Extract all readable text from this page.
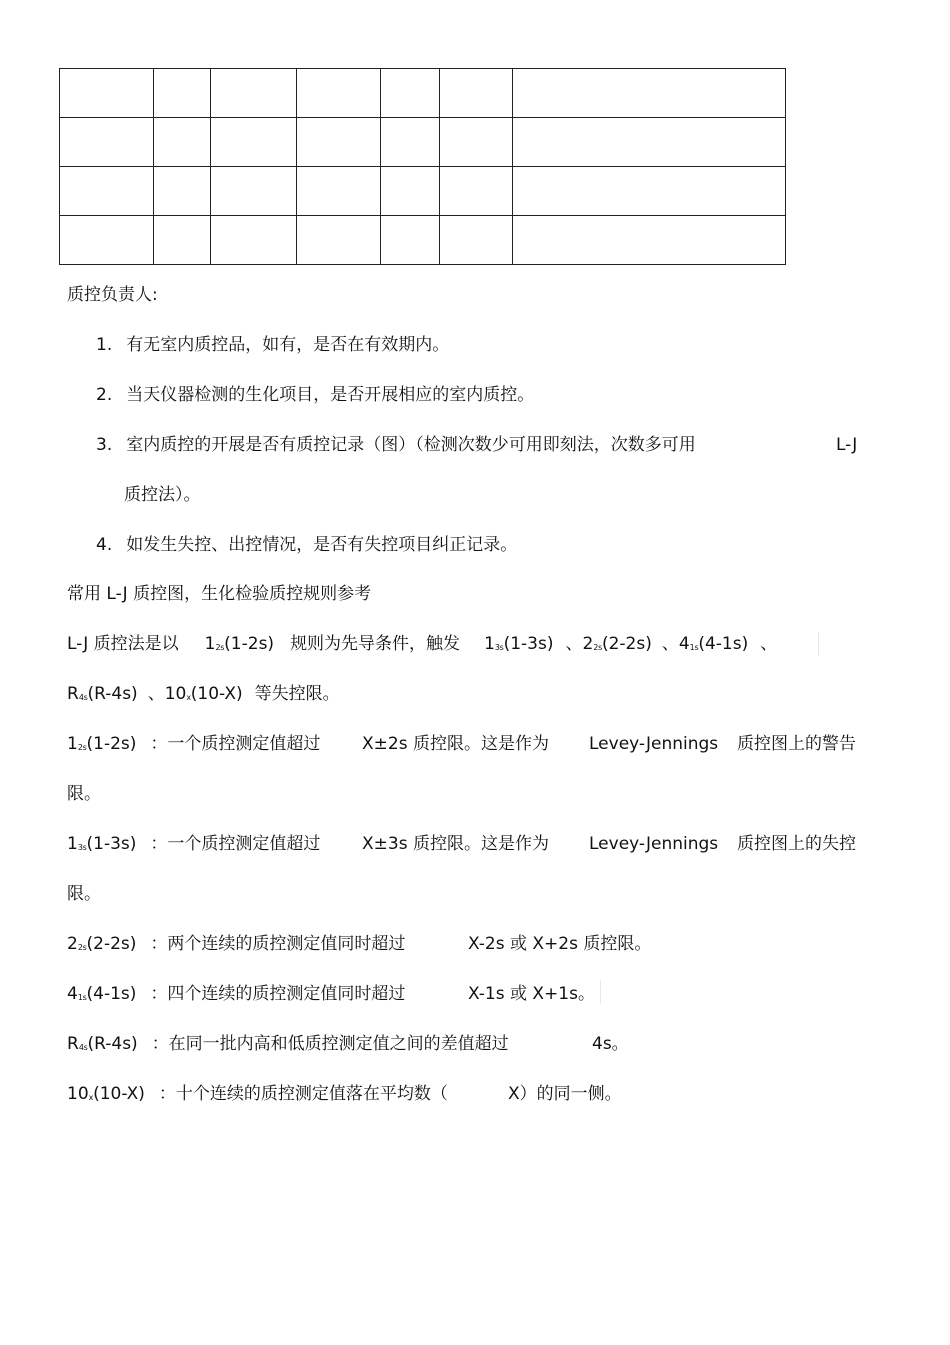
质控负责人:
1. 有无室内质控品，如有，是否在有效期内。
2. 当天仪器检测的生化项目，是否开展相应的室内质控。
3. 室内质控的开展是否有质控记录（图）（检测次数少可用即刻法，次数多可用	L-J
质控法）。
4. 如发生失控、出控情况，是否有失控项目纠正记录。
常用 L-J 质控图，生化检验质控规则参考
L-J 质控法是以 12s(1-2s) 规则为先导条件，触发 13s(1-3s) 、22s(2-2s) 、41s(4-1s) 、
R4s(R-4s) 、10x(10-X) 等失控限。
12s(1-2s) ：一个质控测定值超过 X±2s 质控限。这是作为 Levey-Jennings 质控图上的警告
限。
13s(1-3s) ：一个质控测定值超过 X±3s 质控限。这是作为 Levey-Jennings 质控图上的失控
限。
22s(2-2s) ：两个连续的质控测定值同时超过	X-2s 或 X+2s 质控限。
41s(4-1s) ：四个连续的质控测定值同时超过	X-1s 或 X+1s。
R4s(R-4s) ：在同一批内高和低质控测定值之间的差值超过	4s。
10x(10-X) ：十个连续的质控测定值落在平均数（	X）的同一侧。
